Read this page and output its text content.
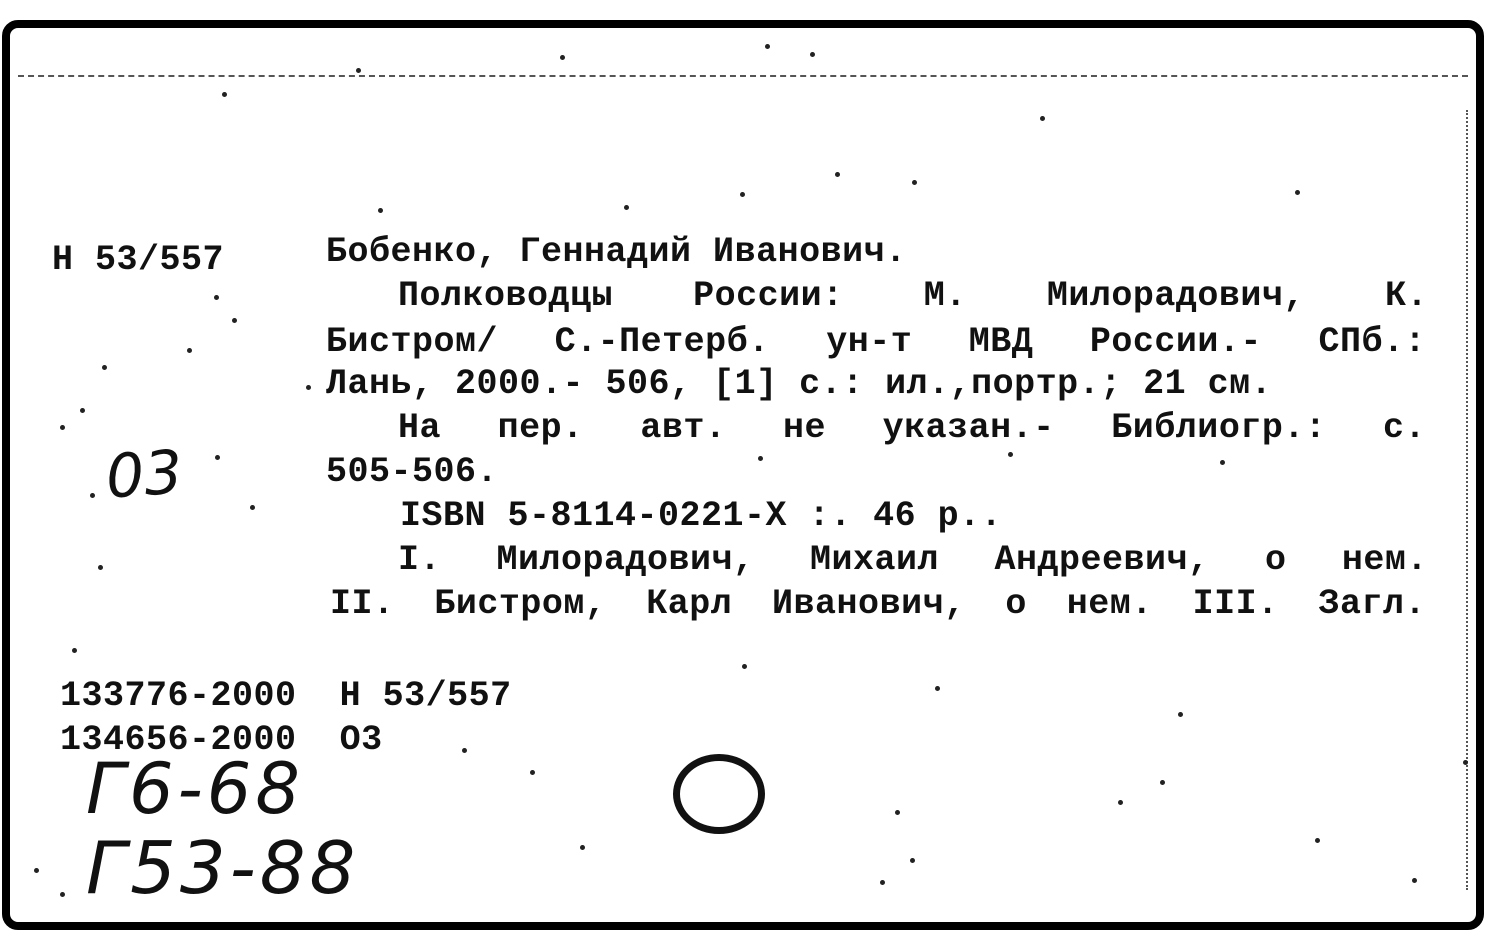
Н 53/557	Бобенко, Геннадий Иванович.
Полководцы России: М. Милорадович, К.
Бистром/ С.-Петерб. ун-т МВД России.- СПб.:
Лань, 2000.- 506, [1] с.: ил.,портр.; 21 см.
На пер. авт. не указан.- Библиогр.: с.
505-506.
ISBN 5-8114-0221-X :. 46 р..
I. Милорадович, Михаил Андреевич, о нем.
II. Бистром, Карл Иванович, о нем. III. Загл.
03
133776-2000 Н 53/557
134656-2000 О3
Г6-68
Г53-88
